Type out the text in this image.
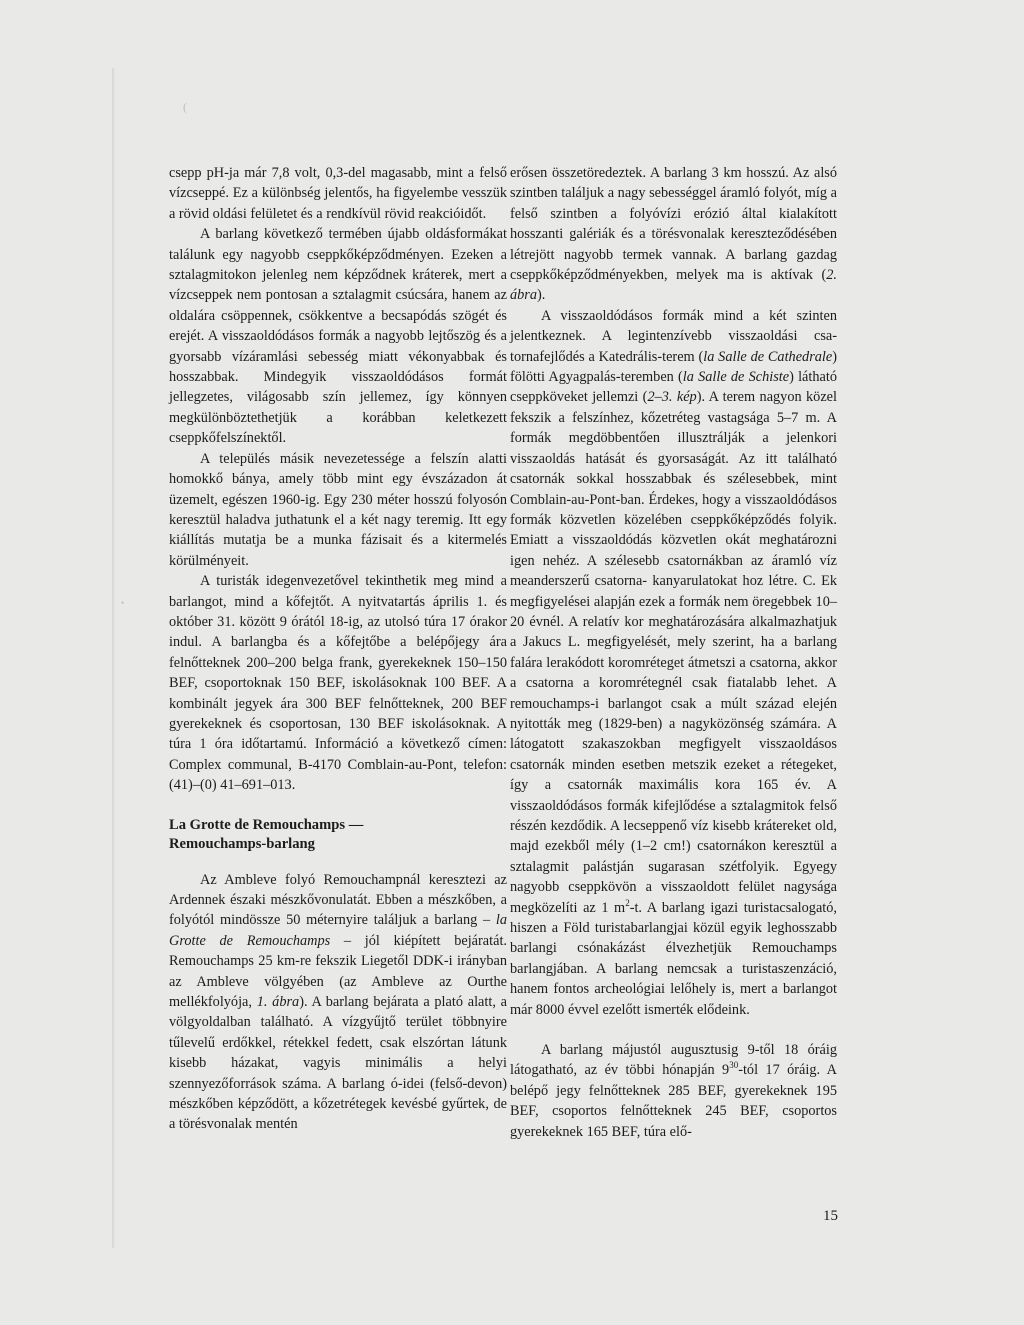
(
•

csepp pH-ja már 7,8 volt, 0,3-del magasabb, mint a felső vízcseppé. Ez a különbség jelentős, ha figyelembe vesszük a rövid oldási felületet és a rendkívül rövid reakcióidőt.

A barlang következő termében újabb oldásformákat találunk egy nagyobb cseppkőképződményen. Ezeken a sztalagmitokon jelenleg nem képződnek kráterek, mert a vízcseppek nem pontosan a sztalagmit csúcsára, hanem az oldalára csöppennek, csökkentve a becsapódás szögét és erejét. A visszaoldódásos formák a nagyobb lejtőszög és a gyorsabb vízáramlási sebesség miatt vékonyabbak és hosszabbak. Mindegyik visszaoldódásos formát jellegzetes, világosabb szín jellemez, így könnyen megkülönböztethetjük a korábban keletkezett cseppkőfelszínektől.

A település másik nevezetessége a felszín alatti homokkő bánya, amely több mint egy évszázadon át üzemelt, egészen 1960-ig. Egy 230 méter hosszú folyosón keresztül haladva juthatunk el a két nagy teremig. Itt egy kiállítás mutatja be a munka fázisait és a kitermelés körülményeit.

A turisták idegenvezetővel tekinthetik meg mind a barlangot, mind a kőfejtőt. A nyitvatartás április 1. és október 31. között 9 órától 18-ig, az utolsó túra 17 órakor indul. A barlangba és a kőfejtőbe a belépőjegy ára felnőtteknek 200–200 belga frank, gyerekeknek 150–150 BEF, csoportoknak 150 BEF, iskolásoknak 100 BEF. A kombinált jegyek ára 300 BEF felnőtteknek, 200 BEF gyerekeknek és csoportosan, 130 BEF iskolásoknak. A túra 1 óra időtartamú. Információ a következő címen: Complex communal, B-4170 Comblain-au-Pont, telefon: (41)–(0) 41–691–013.

La Grotte de Remouchamps —
Remouchamps-barlang

Az Ambleve folyó Remouchampnál keresztezi az Ardennek északi mészkővonulatát. Ebben a mészkőben, a folyótól mindössze 50 méternyire találjuk a barlang – la Grotte de Remouchamps – jól kiépített bejáratát. Remouchamps 25 km-re fekszik Liegetől DDK-i irányban az Ambleve völgyében (az Ambleve az Ourthe mellékfolyója, 1. ábra). A barlang bejárata a plató alatt, a völgyoldalban található. A vízgyűjtő terület többnyire tűlevelű erdőkkel, rétekkel fedett, csak elszórtan látunk kisebb házakat, vagyis minimális a helyi szennyezőforrások száma. A barlang ó-idei (felső-devon) mészkőben képződött, a kőzetrétegek kevésbé gyűrtek, de a törésvonalak mentén

erősen összetöredeztek. A barlang 3 km hosszú. Az alsó szintben találjuk a nagy sebességgel áramló folyót, míg a felső szintben a folyóvízi erózió által kialakított hosszanti galériák és a törésvonalak kereszteződésében létrejött nagyobb termek vannak. A barlang gazdag cseppkőképződményekben, melyek ma is aktívak (2. ábra).

A visszaoldódásos formák mind a két szinten jelentkeznek. A legintenzívebb visszaoldási csatornafejlődés a Katedrális-terem (la Salle de Cathedrale) fölötti Agyagpalás-teremben (la Salle de Schiste) látható cseppköveket jellemzi (2–3. kép). A terem nagyon közel fekszik a felszínhez, kőzetréteg vastagsága 5–7 m. A formák megdöbbentően illusztrálják a jelenkori visszaoldás hatását és gyorsaságát. Az itt található csatornák sokkal hosszabbak és szélesebbek, mint Comblain-au-Pont-ban. Érdekes, hogy a visszaoldódásos formák közvetlen közelében cseppkőképződés folyik. Emiatt a visszaoldódás közvetlen okát meghatározni igen nehéz. A szélesebb csatornákban az áramló víz meanderszerű csatorna- kanyarulatokat hoz létre. C. Ek megfigyelései alapján ezek a formák nem öregebbek 10–20 évnél. A relatív kor meghatározására alkalmazhatjuk a Jakucs L. megfigyelését, mely szerint, ha a barlang falára lerakódott koromréteget átmetszi a csatorna, akkor a csatorna a koromrétegnél csak fiatalabb lehet. A remouchamps-i barlangot csak a múlt század elején nyitották meg (1829-ben) a nagyközönség számára. A látogatott szakaszokban megfigyelt visszaoldásos csatornák minden esetben metszik ezeket a rétegeket, így a csatornák maximális kora 165 év. A visszaoldódásos formák kifejlődése a sztalagmitok felső részén kezdődik. A lecseppenő víz kisebb krátereket old, majd ezekből mély (1–2 cm!) csatornákon keresztül a sztalagmit palástján sugarasan szétfolyik. Egyegy nagyobb cseppkövön a visszaoldott felület nagysága megközelíti az 1 $m^2-t$. A barlang igazi turistacsalogató, hiszen a Föld turistabarlangjai közül egyik leghosszabb barlangi csónakázást élvezhetjük Remouchamps barlangjában. A barlang nemcsak a turistaszenzáció, hanem fontos archeológiai lelőhely is, mert a barlangot már 8000 évvel ezelőtt ismerték elődeink.

A barlang májustól augusztusig 9-től 18 óráig látogatható, az év többi hónapján $9^{30}$-tól 17 óráig. A belépő jegy felnőtteknek 285 BEF, gyerekeknek 195 BEF, csoportos felnőtteknek 245 BEF, csoportos gyerekeknek 165 BEF, túra elő-

15
